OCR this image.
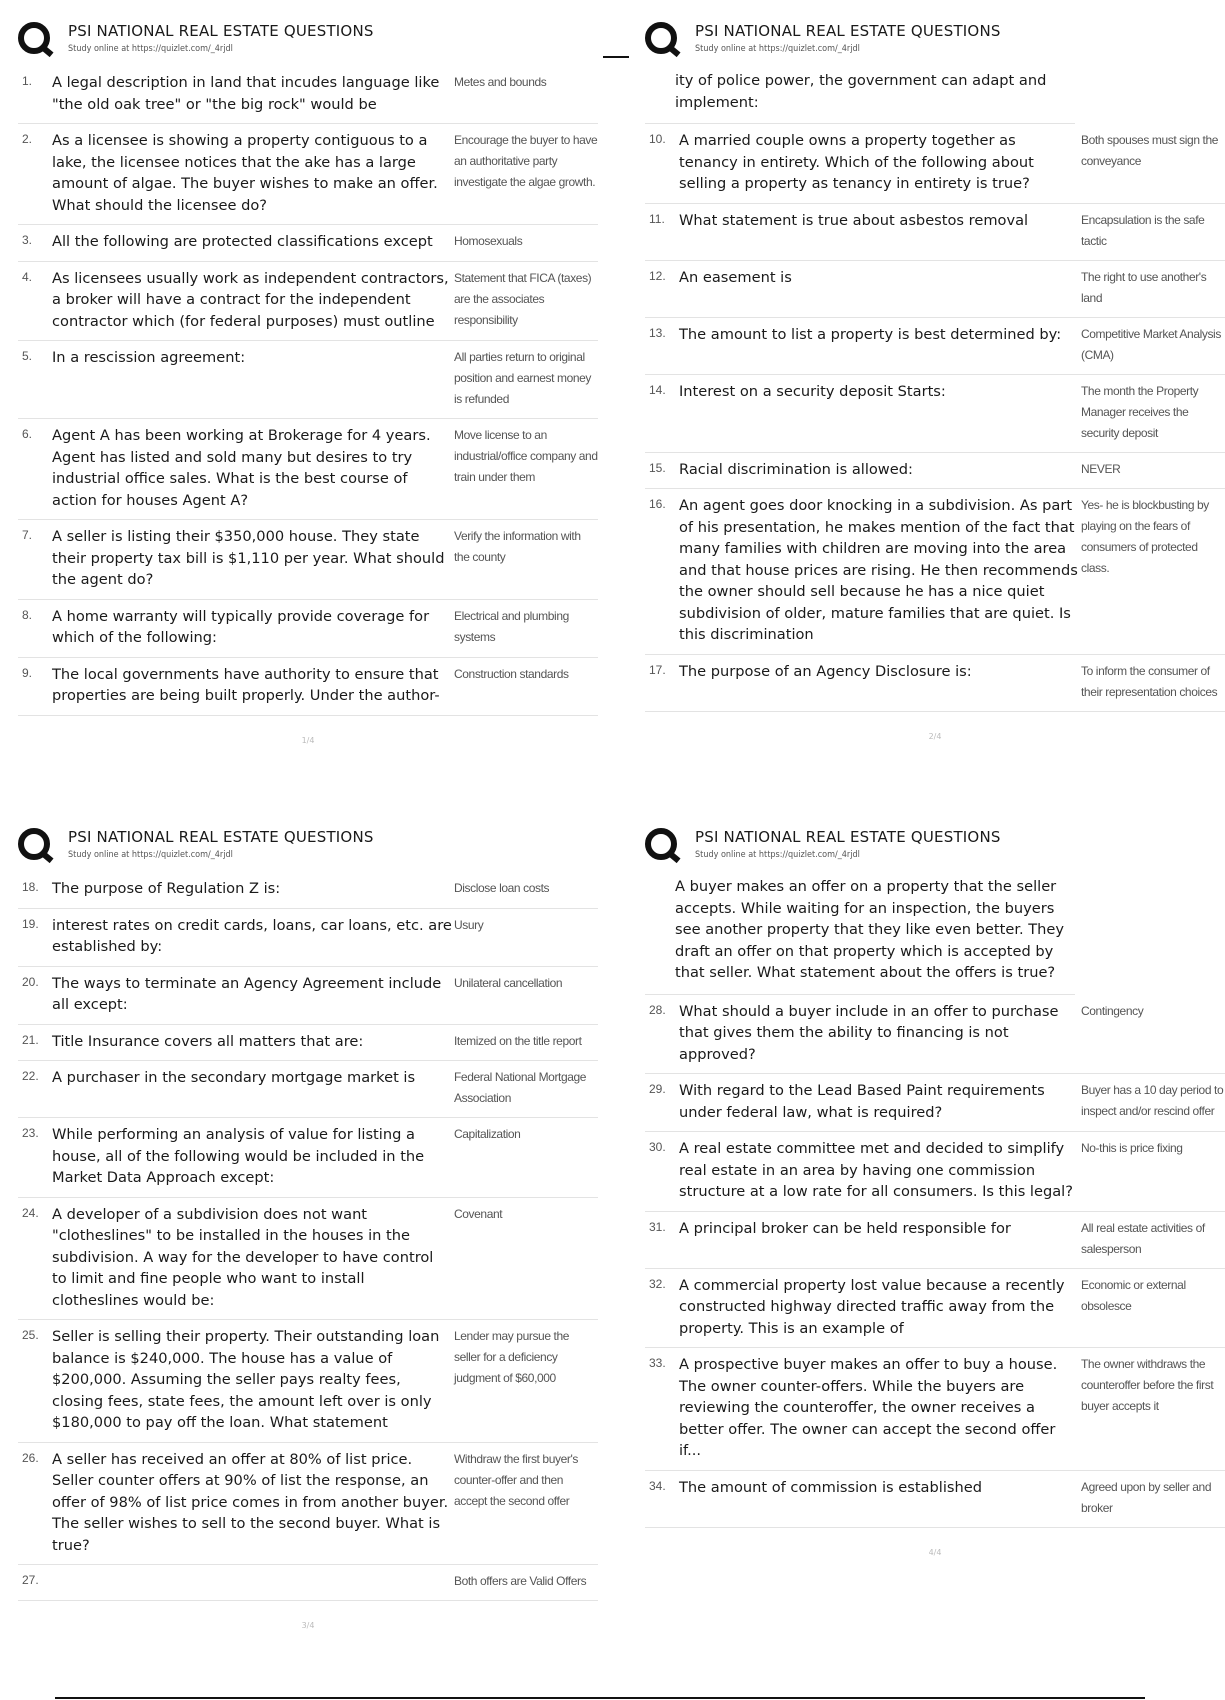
PSI NATIONAL REAL ESTATE QUESTIONS
Study online at https://quizlet.com/_4rjdl
1.	A legal description in land that incudes language like "the old oak tree" or "the big rock" would be
Metes and bounds
2.	As a licensee is showing a property contiguous to a lake, the licensee notices that the ake has a large amount of algae. The buyer wishes to make an offer. What should the licensee do?
Encourage the buyer to have an authoritative party investigate the algae growth.
3.	All the following are protected classifications except	Homosexuals
4.	As licensees usually work as independent contractors, a broker will have a contract for the independent contractor which (for federal purposes) must outline
Statement that FICA (taxes) are the associates responsibility
5.	In a rescission agreement:	All parties return to original position and earnest money is refunded
6.	Agent A has been working at Brokerage for 4 years. Agent has listed and sold many but desires to try industrial office sales. What is the best course of action for houses Agent A?
Move license to an industrial/office company and train under them
7.	A seller is listing their $350,000 house. They state their property tax bill is $1,110 per year. What should the agent do?
Verify the information with the county
8.	A home warranty will typically provide coverage for which of the following:
Electrical and plumbing systems
9.	The local governments have authority to ensure that properties are being built properly. Under the author-
Construction standards
1/4
PSI NATIONAL REAL ESTATE QUESTIONS
Study online at https://quizlet.com/_4rjdl
ity of police power, the government can adapt and implement:
10. A married couple owns a property together as tenancy in entirety. Which of the following about selling a property as tenancy in entirety is true?
Both spouses must sign the conveyance
11. What statement is true about asbestos removal	Encapsulation is the safe tactic
12. An easement is	The right to use another's land
13. The amount to list a property is best determined by:	Competitive Market Analysis (CMA)
14. Interest on a security deposit Starts:	The month the Property Manager receives the security deposit
15. Racial discrimination is allowed:	NEVER
16. An agent goes door knocking in a subdivision. As part of his presentation, he makes mention of the fact that many families with children are moving into the area and that house prices are rising. He then recommends the owner should sell because he has a nice quiet subdivision of older, mature families that are quiet. Is this discrimination
Yes- he is blockbusting by playing on the fears of consumers of protected class.
17. The purpose of an Agency Disclosure is:	To inform the consumer of their representation choices
2/4
PSI NATIONAL REAL ESTATE QUESTIONS
Study online at https://quizlet.com/_4rjdl
18. The purpose of Regulation Z is:	Disclose loan costs
19. interest rates on credit cards, loans, car loans, etc. are established by:
Usury
20. The ways to terminate an Agency Agreement include all except:
Unilateral cancellation
21. Title Insurance covers all matters that are:	Itemized on the title report
22. A purchaser in the secondary mortgage market is	Federal National Mortgage Association
23. While performing an analysis of value for listing a house, all of the following would be included in the Market Data Approach except:
Capitalization
24. A developer of a subdivision does not want "clotheslines" to be installed in the houses in the subdivision. A way for the developer to have control to limit and fine people who want to install clotheslines would be:
Covenant
25. Seller is selling their property. Their outstanding loan balance is $240,000. The house has a value of $200,000. Assuming the seller pays realty fees, closing fees, state fees, the amount left over is only $180,000 to pay off the loan. What statement
Lender may pursue the seller for a deficiency judgment of $60,000
26. A seller has received an offer at 80% of list price. Seller counter offers at 90% of list the response, an offer of 98% of list price comes in from another buyer. The seller wishes to sell to the second buyer. What is true?
Withdraw the first buyer's counter-offer and then accept the second offer
27.	Both offers are Valid Offers
3/4
PSI NATIONAL REAL ESTATE QUESTIONS
Study online at https://quizlet.com/_4rjdl
A buyer makes an offer on a property that the seller accepts. While waiting for an inspection, the buyers see another property that they like even better. They draft an offer on that property which is accepted by that seller. What statement about the offers is true?
28. What should a buyer include in an offer to purchase that gives them the ability to financing is not approved?
Contingency
29. With regard to the Lead Based Paint requirements under federal law, what is required?
Buyer has a 10 day period to inspect and/or rescind offer
30. A real estate committee met and decided to simplify real estate in an area by having one commission structure at a low rate for all consumers. Is this legal?
No-this is price fixing
31. A principal broker can be held responsible for	All real estate activities of salesperson
32. A commercial property lost value because a recently constructed highway directed traffic away from the property. This is an example of
Economic or external obsolesce
33. A prospective buyer makes an offer to buy a house. The owner counter-offers. While the buyers are reviewing the counteroffer, the owner receives a better offer. The owner can accept the second offer if...
The owner withdraws the counteroffer before the first buyer accepts it
34. The amount of commission is established	Agreed upon by seller and broker
4/4
